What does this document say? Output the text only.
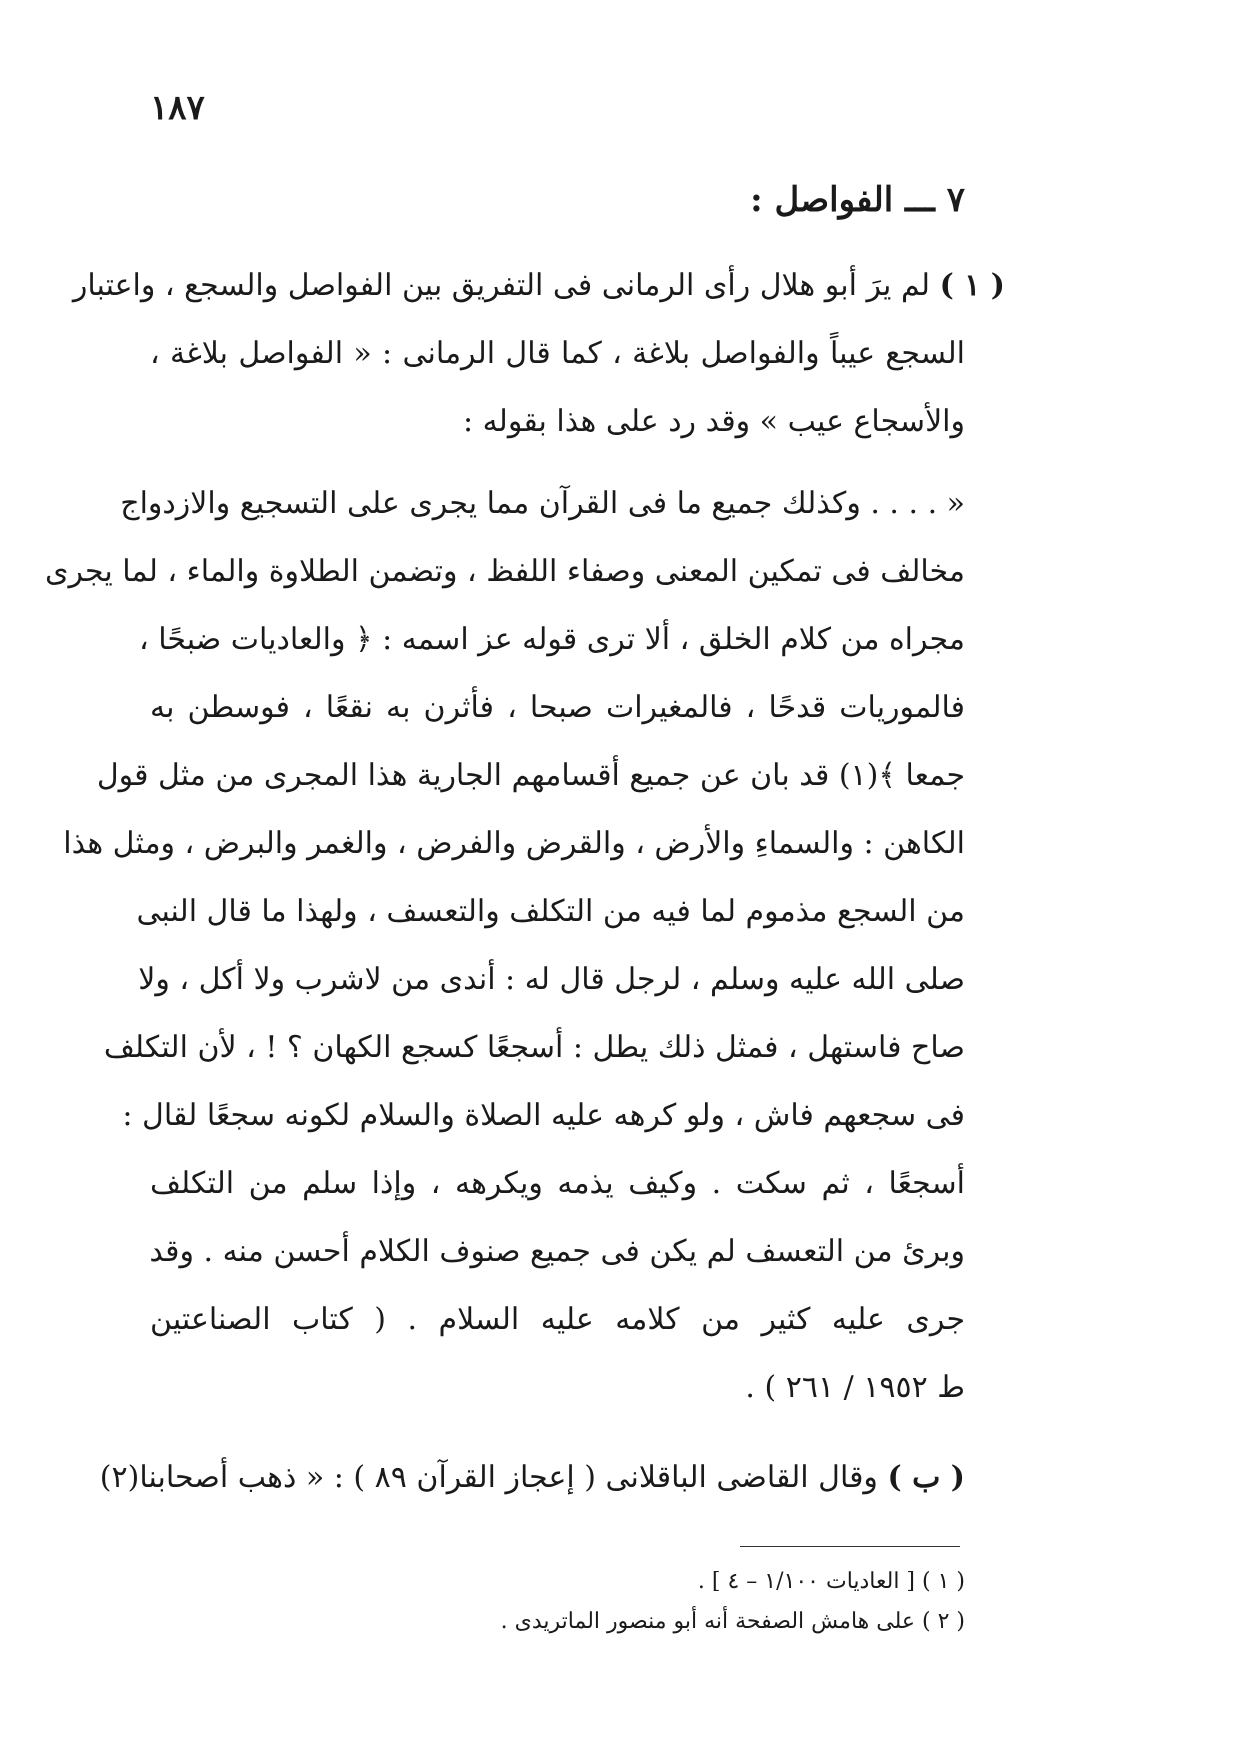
١٨٧
٧ ـــ الفواصل :
( ١ ) لم يرَ أبو هلال رأى الرمانى فى التفريق بين الفواصل والسجع ، واعتبار
السجع عيباً والفواصل بلاغة ، كما قال الرمانى : « الفواصل بلاغة ،
والأسجاع عيب » وقد رد على هذا بقوله :
« . . . . وكذلك جميع ما فى القرآن مما يجرى على التسجيع والازدواج
مخالف فى تمكين المعنى وصفاء اللفظ ، وتضمن الطلاوة والماء ، لما يجرى
مجراه من كلام الخلق ، ألا ترى قوله عز اسمه : ﴿ والعاديات ضبحًا ،
فالموريات قدحًا ، فالمغيرات صبحا ، فأثرن به نقعًا ، فوسطن به
جمعا ﴾(١) قد بان عن جميع أقسامهم الجارية هذا المجرى من مثل قول
الكاهن : والسماءِ والأرض ، والقرض والفرض ، والغمر والبرض ، ومثل هذا
من السجع مذموم لما فيه من التكلف والتعسف ، ولهذا ما قال النبى
صلى الله عليه وسلم ، لرجل قال له : أندى من لاشرب ولا أكل ، ولا
صاح فاستهل ، فمثل ذلك يطل : أسجعًا كسجع الكهان ؟ ! ، لأن التكلف
فى سجعهم فاش ، ولو كرهه عليه الصلاة والسلام لكونه سجعًا لقال :
أسجعًا ، ثم سكت . وكيف يذمه ويكرهه ، وإذا سلم من التكلف
وبرئ من التعسف لم يكن فى جميع صنوف الكلام أحسن منه . وقد
جرى عليه كثير من كلامه عليه السلام . ( كتاب الصناعتين
ط ١٩٥٢ / ٢٦١ ) .
( ب ) وقال القاضى الباقلانى ( إعجاز القرآن ٨٩ ) : « ذهب أصحابنا(٢)
( ١ ) [ العاديات ١/١٠٠ – ٤ ] .
( ٢ ) على هامش الصفحة أنه أبو منصور الماتريدى .
